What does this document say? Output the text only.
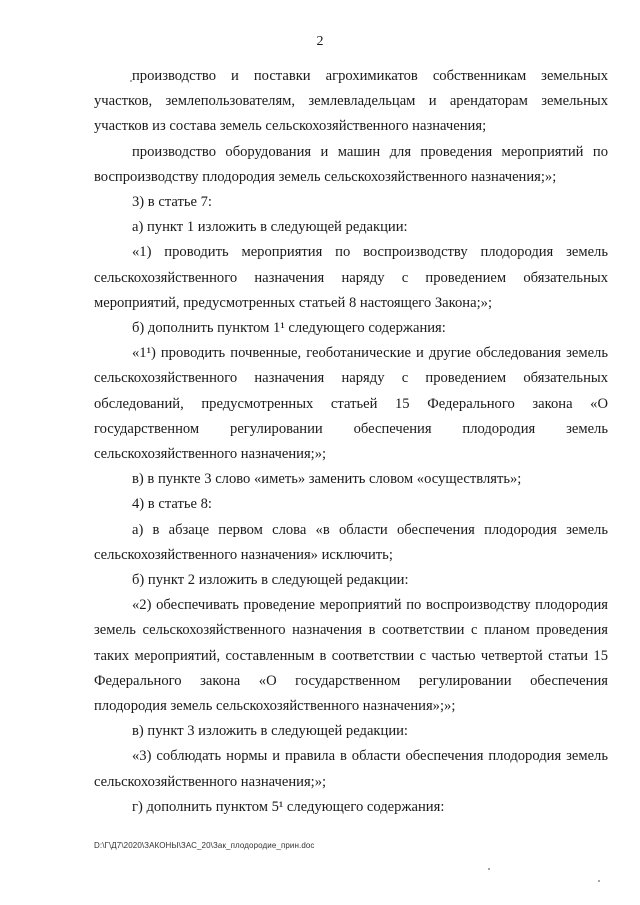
2

производство и поставки агрохимикатов собственникам земельных участков, землепользователям, землевладельцам и арендаторам земельных участков из состава земель сельскохозяйственного назначения;

производство оборудования и машин для проведения мероприятий по воспроизводству плодородия земель сельскохозяйственного назначения;»;

3) в статье 7:

а) пункт 1 изложить в следующей редакции:

«1) проводить мероприятия по воспроизводству плодородия земель сельскохозяйственного назначения наряду с проведением обязательных мероприятий, предусмотренных статьей 8 настоящего Закона;»;

б) дополнить пунктом 1¹ следующего содержания:

«1¹) проводить почвенные, геоботанические и другие обследования земель сельскохозяйственного назначения наряду с проведением обязательных обследований, предусмотренных статьей 15 Федерального закона «О государственном регулировании обеспечения плодородия земель сельскохозяйственного назначения;»;

в) в пункте 3 слово «иметь» заменить словом «осуществлять»;

4) в статье 8:

а) в абзаце первом слова «в области обеспечения плодородия земель сельскохозяйственного назначения» исключить;

б) пункт 2 изложить в следующей редакции:

«2) обеспечивать проведение мероприятий по воспроизводству плодородия земель сельскохозяйственного назначения в соответствии с планом проведения таких мероприятий, составленным в соответствии с частью четвертой статьи 15 Федерального закона «О государственном регулировании обеспечения плодородия земель сельскохозяйственного назначения»;»;

в) пункт 3 изложить в следующей редакции:

«3) соблюдать нормы и правила в области обеспечения плодородия земель сельскохозяйственного назначения;»;

г) дополнить пунктом 5¹ следующего содержания:

D:\Г\Д7\2020\ЗАКОНЫ\ЗАС_20\Зак_плодородие_прин.doc
